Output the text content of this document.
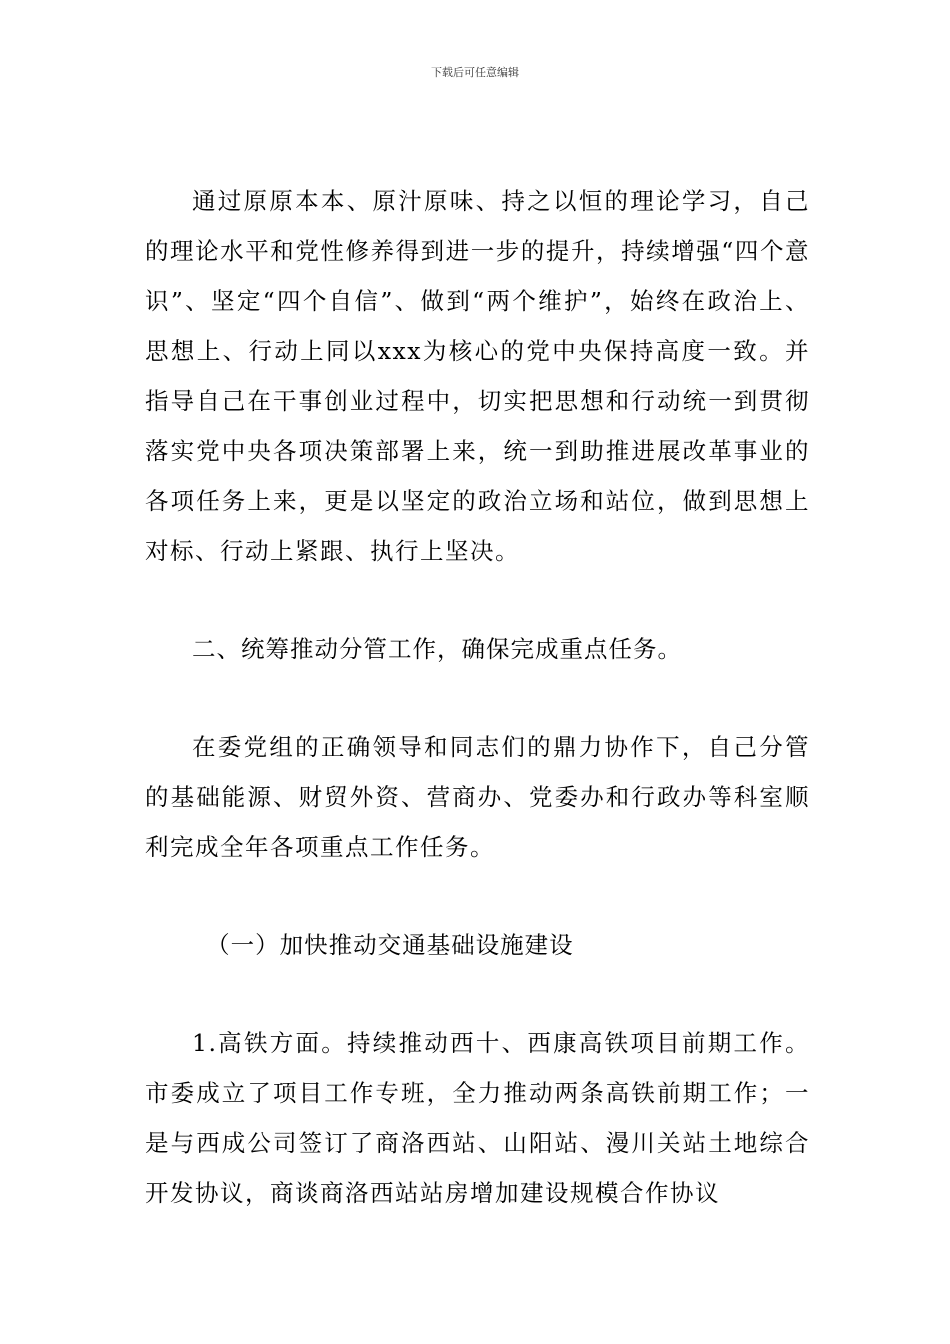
下载后可任意编辑

通过原原本本、原汁原味、持之以恒的理论学习，自己的理论水平和党性修养得到进一步的提升，持续增强“四个意识”、坚定“四个自信”、做到“两个维护”，始终在政治上、思想上、行动上同以xxx为核心的党中央保持高度一致。并指导自己在干事创业过程中，切实把思想和行动统一到贯彻落实党中央各项决策部署上来，统一到助推进展改革事业的各项任务上来，更是以坚定的政治立场和站位，做到思想上对标、行动上紧跟、执行上坚决。

二、统筹推动分管工作，确保完成重点任务。

在委党组的正确领导和同志们的鼎力协作下，自己分管的基础能源、财贸外资、营商办、党委办和行政办等科室顺利完成全年各项重点工作任务。

（一）加快推动交通基础设施建设

1.高铁方面。持续推动西十、西康高铁项目前期工作。市委成立了项目工作专班，全力推动两条高铁前期工作；一是与西成公司签订了商洛西站、山阳站、漫川关站土地综合开发协议，商谈商洛西站站房增加建设规模合作协议
